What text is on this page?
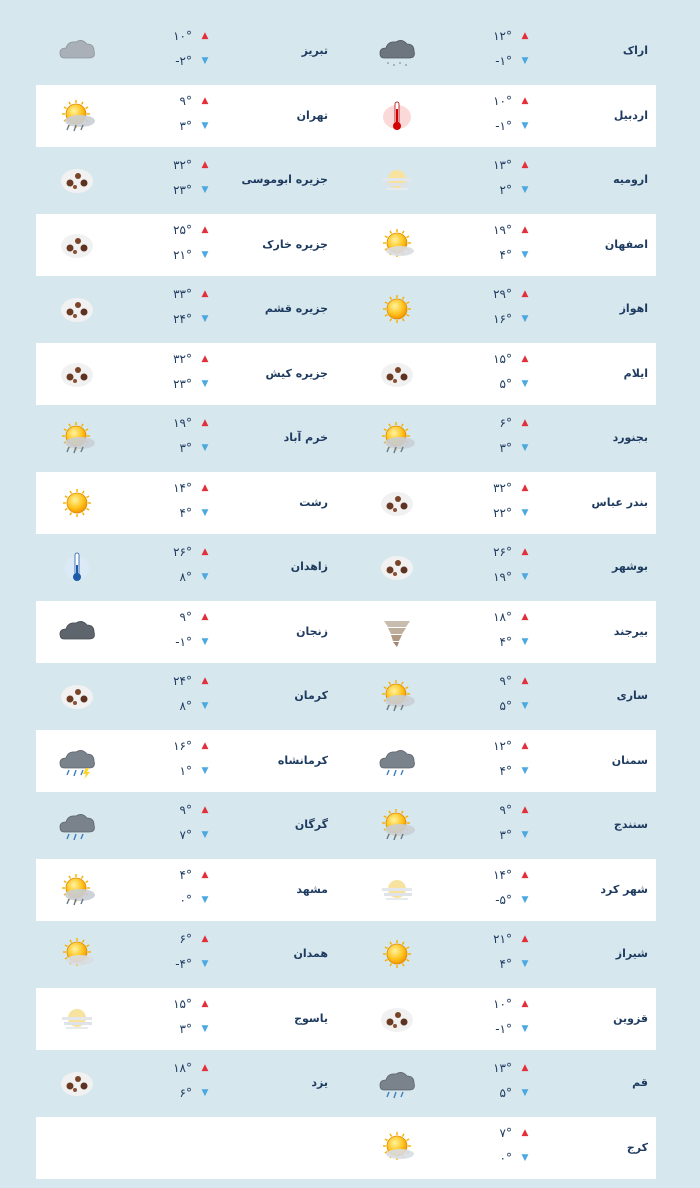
اراک
۱۲°
-۱°
▲
▼
تبریز
۱۰°
-۲°
▲
▼
اردبیل
۱۰°
-۱°
▲
▼
تهران
۹°
۳°
▲
▼
ارومیه
۱۳°
۲°
▲
▼
جزیره ابوموسی
۳۲°
۲۳°
▲
▼
اصفهان
۱۹°
۴°
▲
▼
جزیره خارک
۲۵°
۲۱°
▲
▼
اهواز
۲۹°
۱۶°
▲
▼
جزیره قشم
۳۳°
۲۴°
▲
▼
ایلام
۱۵°
۵°
▲
▼
جزیره کیش
۳۲°
۲۳°
▲
▼
بجنورد
۶°
۳°
▲
▼
خرم آباد
۱۹°
۳°
▲
▼
بندر عباس
۳۲°
۲۲°
▲
▼
رشت
۱۴°
۴°
▲
▼
بوشهر
۲۶°
۱۹°
▲
▼
زاهدان
۲۶°
۸°
▲
▼
بیرجند
۱۸°
۴°
▲
▼
زنجان
۹°
-۱°
▲
▼
ساری
۹°
۵°
▲
▼
کرمان
۲۴°
۸°
▲
▼
سمنان
۱۲°
۴°
▲
▼
کرمانشاه
۱۶°
۱°
▲
▼
سنندج
۹°
۳°
▲
▼
گرگان
۹°
۷°
▲
▼
شهر کرد
۱۴°
-۵°
▲
▼
مشهد
۴°
۰°
▲
▼
شیراز
۲۱°
۴°
▲
▼
همدان
۶°
-۴°
▲
▼
قزوین
۱۰°
-۱°
▲
▼
یاسوج
۱۵°
۳°
▲
▼
قم
۱۳°
۵°
▲
▼
یزد
۱۸°
۶°
▲
▼
کرج
۷°
۰°
▲
▼
